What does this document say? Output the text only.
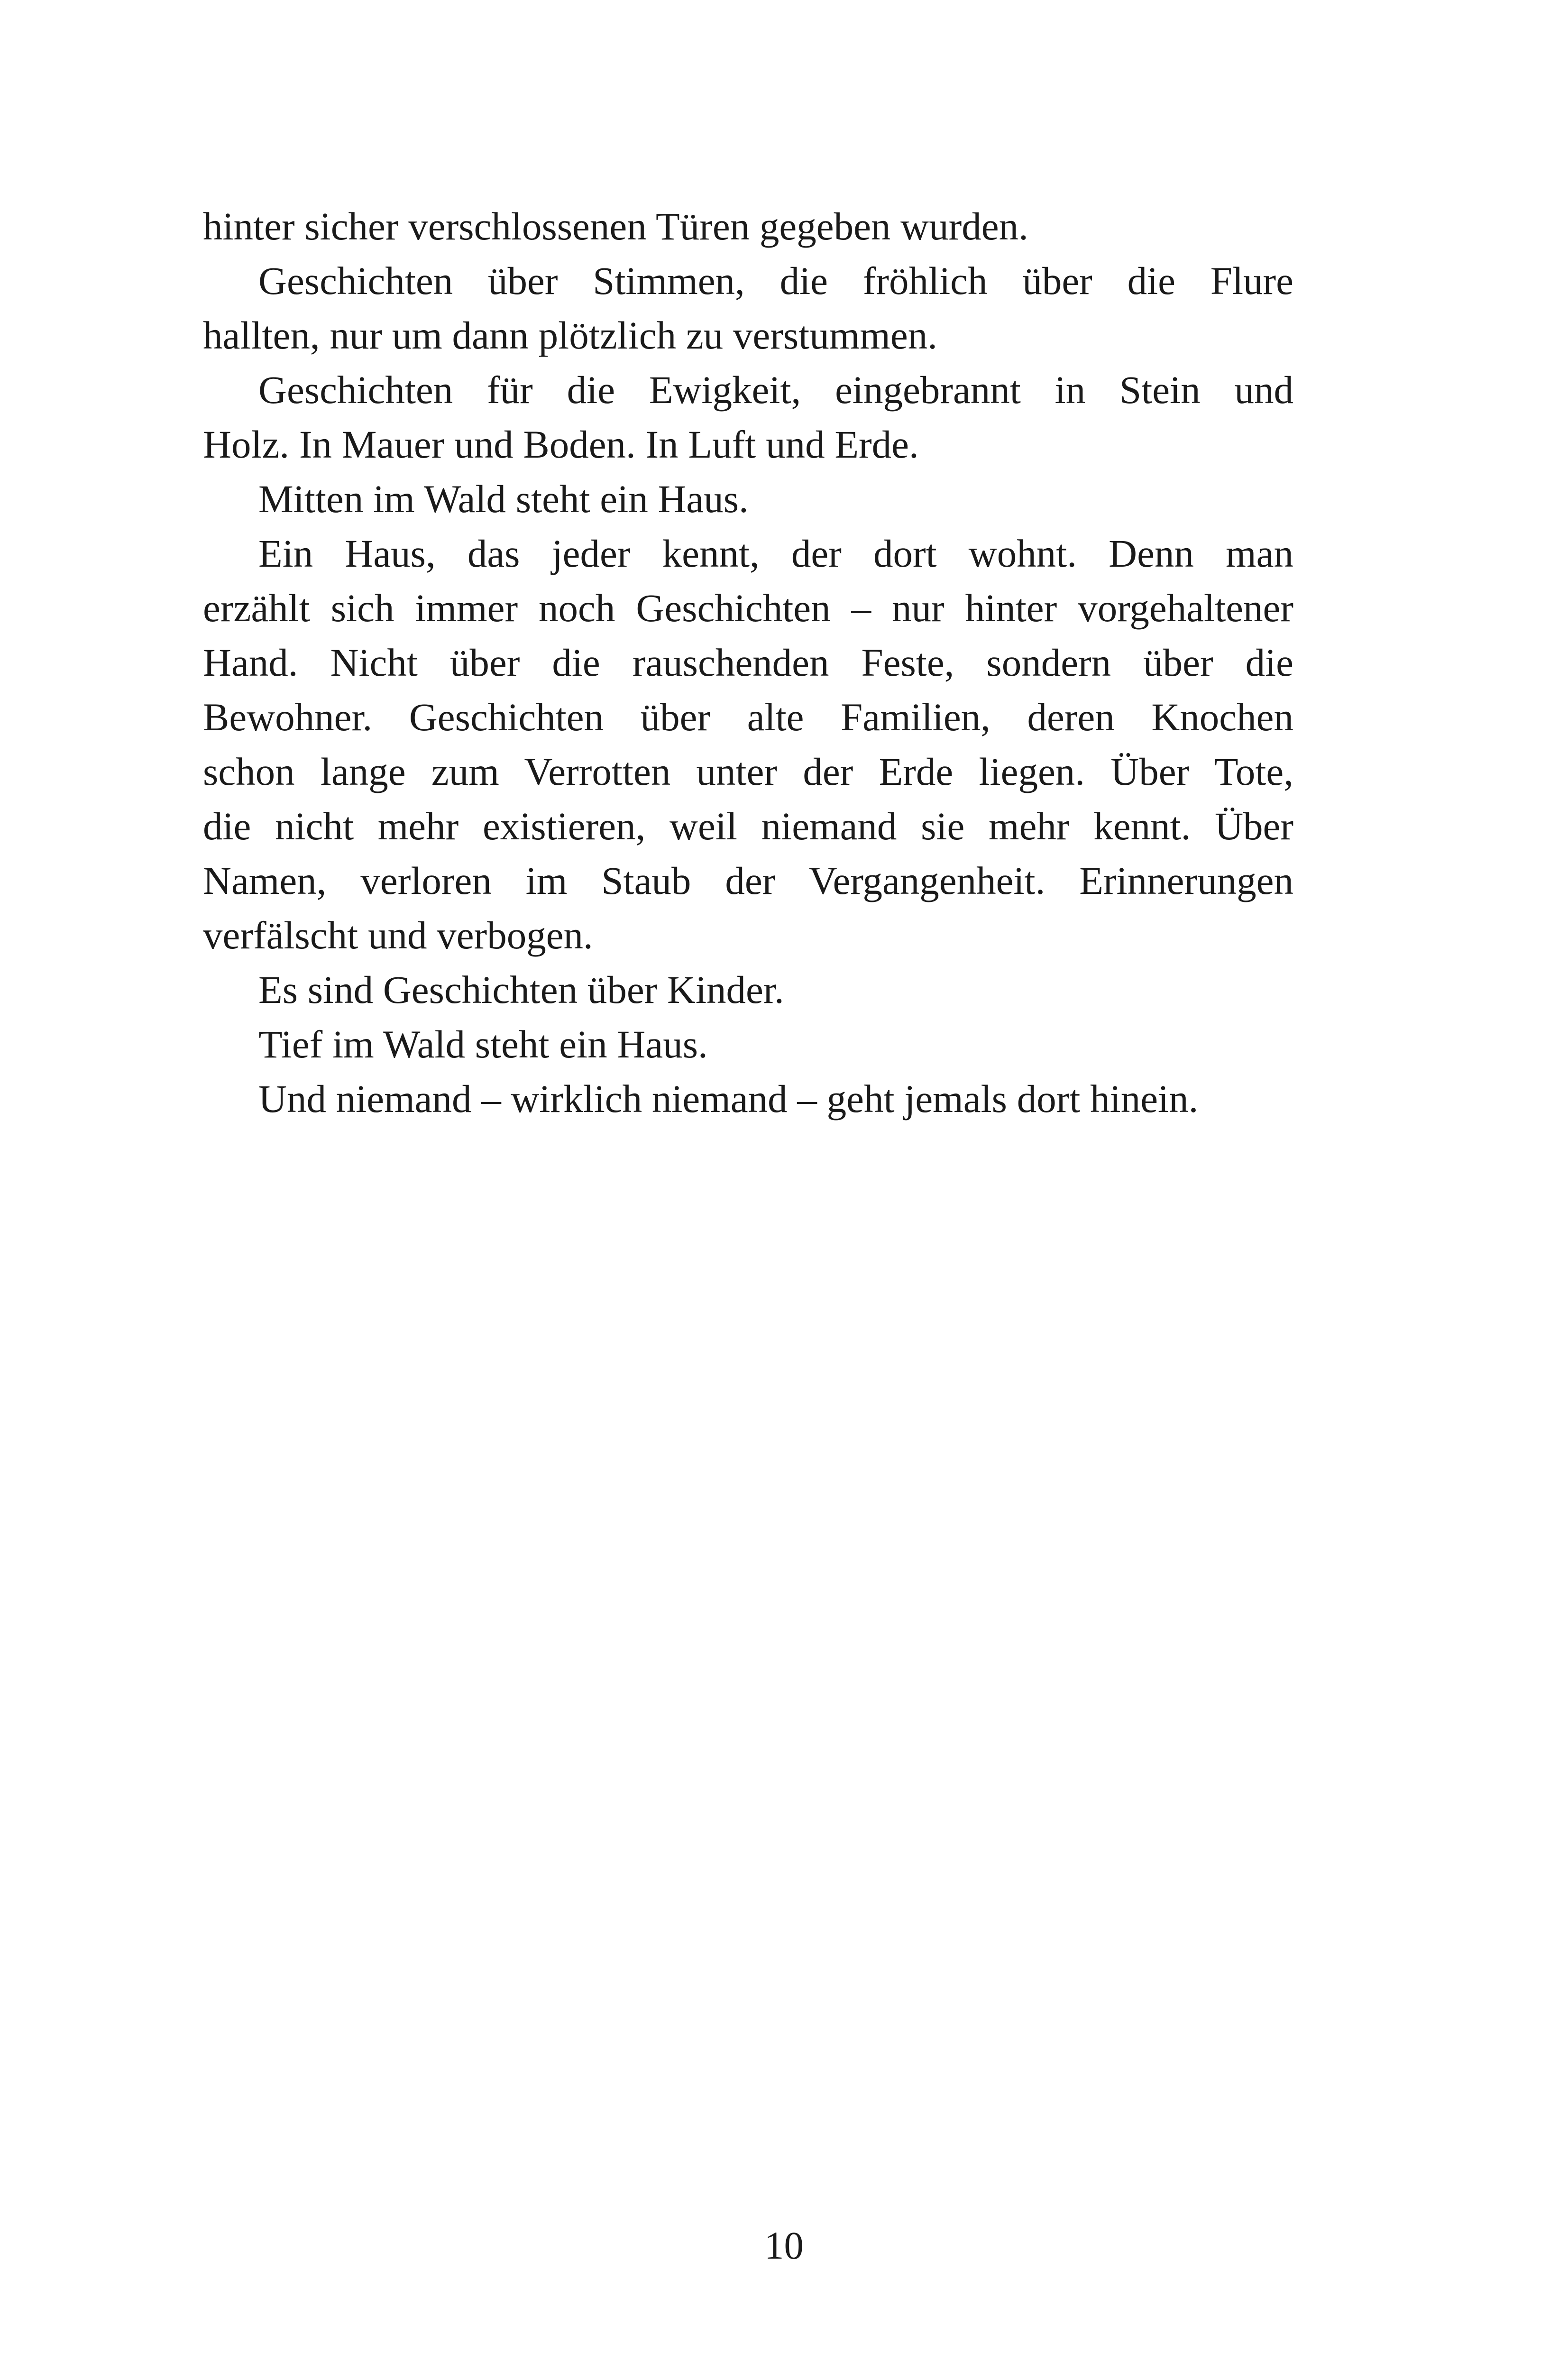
hinter sicher verschlossenen Türen gegeben wurden.
Geschichten über Stimmen, die fröhlich über die Flure
hallten, nur um dann plötzlich zu verstummen.
Geschichten für die Ewigkeit, eingebrannt in Stein und
Holz. In Mauer und Boden. In Luft und Erde.
Mitten im Wald steht ein Haus.
Ein Haus, das jeder kennt, der dort wohnt. Denn man
erzählt sich immer noch Geschichten – nur hinter vorgehaltener
Hand. Nicht über die rauschenden Feste, sondern über die
Bewohner. Geschichten über alte Familien, deren Knochen
schon lange zum Verrotten unter der Erde liegen. Über Tote,
die nicht mehr existieren, weil niemand sie mehr kennt. Über
Namen, verloren im Staub der Vergangenheit. Erinnerungen
verfälscht und verbogen.
Es sind Geschichten über Kinder.
Tief im Wald steht ein Haus.
Und niemand – wirklich niemand – geht jemals dort hinein.
10
